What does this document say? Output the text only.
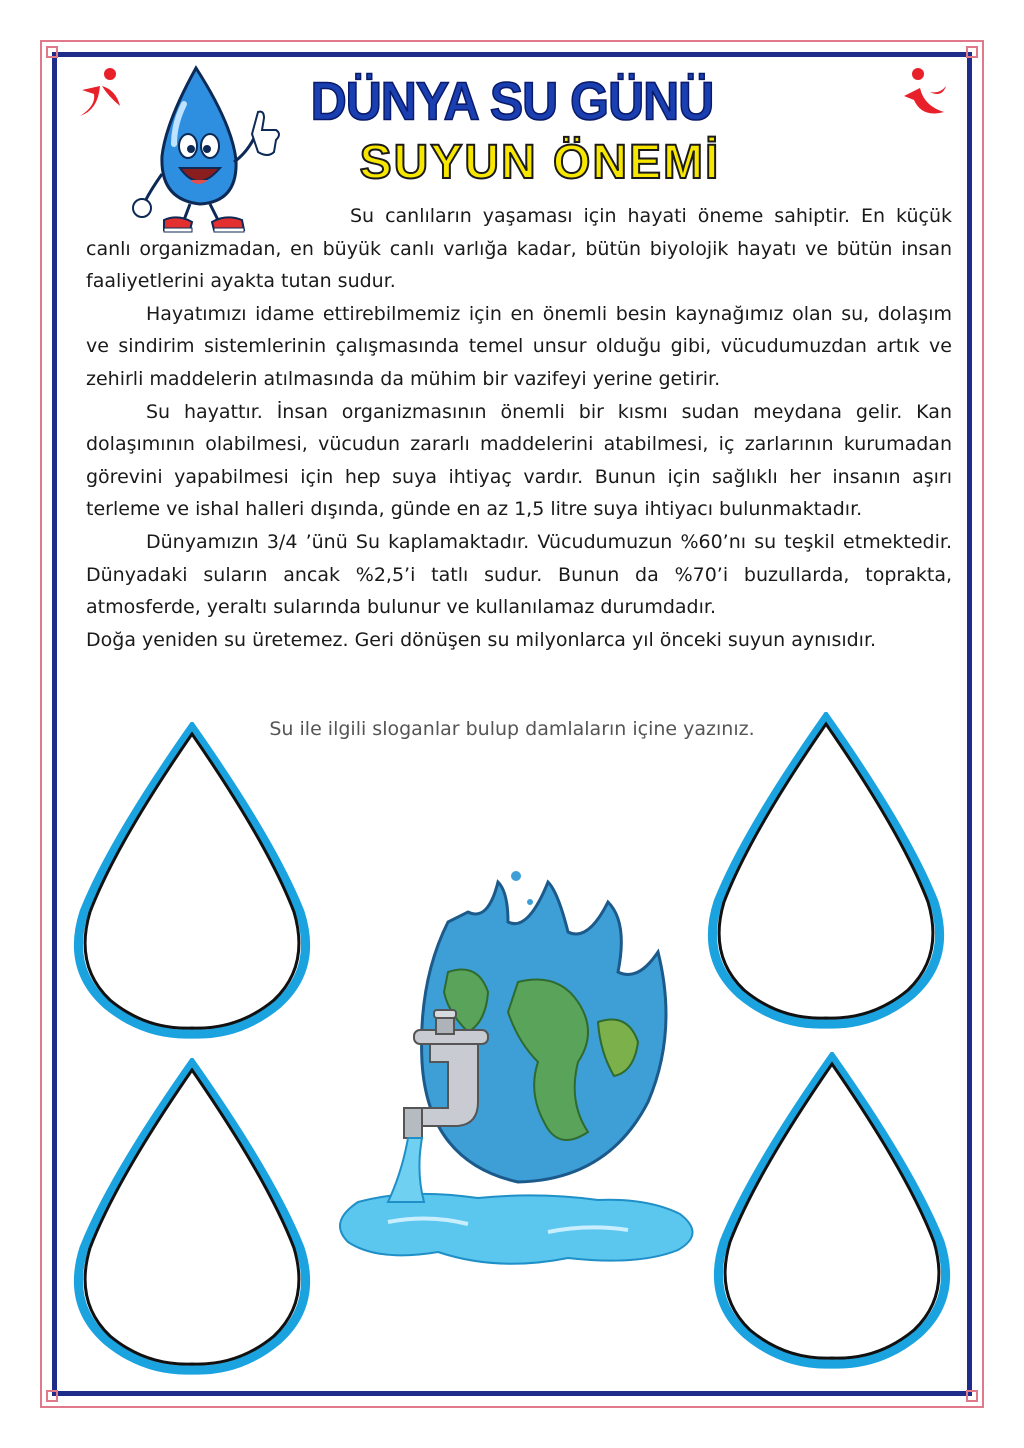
DÜNYA SU GÜNÜ
SUYUN ÖNEMİ

Su canlıların yaşaması için hayati öneme sahiptir. En küçük canlı organizmadan, en büyük canlı varlığa kadar, bütün biyolojik hayatı ve bütün insan faaliyetlerini ayakta tutan sudur.

Hayatımızı idame ettirebilmemiz için en önemli besin kaynağımız olan su, dolaşım ve sindirim sistemlerinin çalışmasında temel unsur olduğu gibi, vücudumuzdan artık ve zehirli maddelerin atılmasında da mühim bir vazifeyi yerine getirir.

Su hayattır. İnsan organizmasının önemli bir kısmı sudan meydana gelir. Kan dolaşımının olabilmesi, vücudun zararlı maddelerini atabilmesi, iç zarlarının kurumadan görevini yapabilmesi için hep suya ihtiyaç vardır. Bunun için sağlıklı her insanın aşırı terleme ve ishal halleri dışında, günde en az 1,5 litre suya ihtiyacı bulunmaktadır.

Dünyamızın 3/4 ’ünü Su kaplamaktadır. Vücudumuzun %60’nı su teşkil etmektedir. Dünyadaki suların ancak %2,5’i tatlı sudur. Bunun da %70’i buzullarda, toprakta, atmosferde, yeraltı sularında bulunur ve kullanılamaz durumdadır.

Doğa yeniden su üretemez. Geri dönüşen su milyonlarca yıl önceki suyun aynısıdır.

Su ile ilgili sloganlar bulup damlaların içine yazınız.
